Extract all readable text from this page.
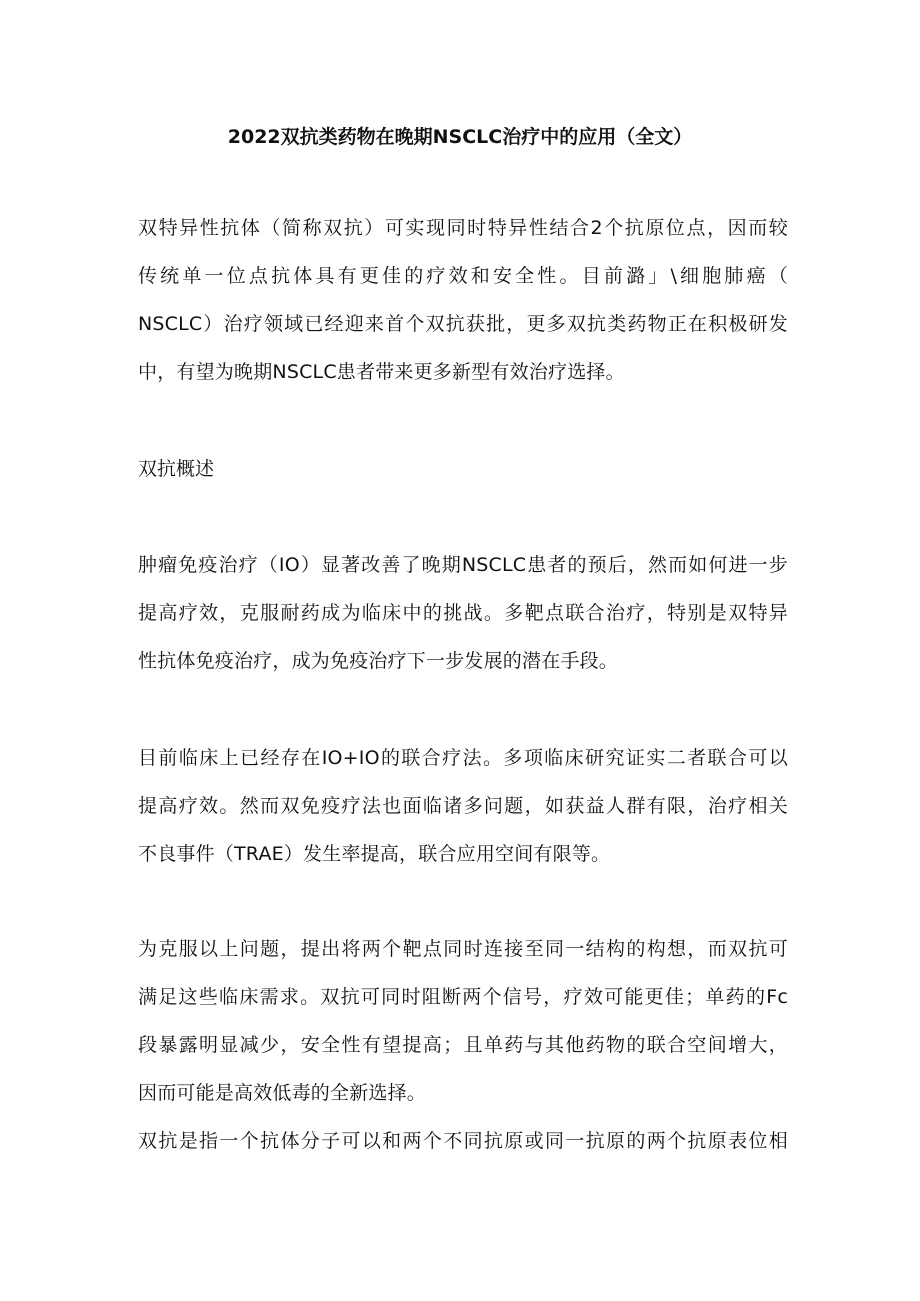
2022双抗类药物在晚期NSCLC治疗中的应用（全文）
双特异性抗体（简称双抗）可实现同时特异性结合2个抗原位点，因而较
传统单一位点抗体具有更佳的疗效和安全性。目前潞」\细胞肺癌（
NSCLC）治疗领域已经迎来首个双抗获批，更多双抗类药物正在积极研发
中，有望为晚期NSCLC患者带来更多新型有效治疗选择。
双抗概述
肿瘤免疫治疗（IO）显著改善了晚期NSCLC患者的预后，然而如何进一步
提高疗效，克服耐药成为临床中的挑战。多靶点联合治疗，特别是双特异
性抗体免疫治疗，成为免疫治疗下一步发展的潜在手段。
目前临床上已经存在IO+IO的联合疗法。多项临床研究证实二者联合可以
提高疗效。然而双免疫疗法也面临诸多问题，如获益人群有限，治疗相关
不良事件（TRAE）发生率提高，联合应用空间有限等。
为克服以上问题，提出将两个靶点同时连接至同一结构的构想，而双抗可
满足这些临床需求。双抗可同时阻断两个信号，疗效可能更佳；单药的Fc
段暴露明显减少，安全性有望提高；且单药与其他药物的联合空间增大，
因而可能是高效低毒的全新选择。
双抗是指一个抗体分子可以和两个不同抗原或同一抗原的两个抗原表位相
